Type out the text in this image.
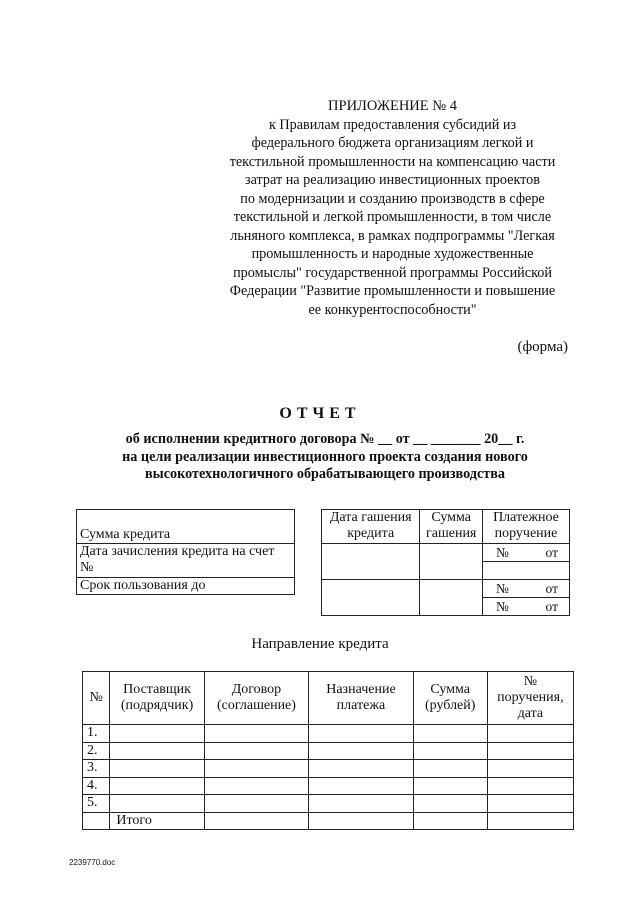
ПРИЛОЖЕНИЕ № 4
к Правилам предоставления субсидий из
федерального бюджета организациям легкой и
текстильной промышленности на компенсацию части
затрат на реализацию инвестиционных проектов
по модернизации и созданию производств в сфере
текстильной и легкой промышленности, в том числе
льняного комплекса, в рамках подпрограммы "Легкая
промышленность и народные художественные
промыслы" государственной программы Российской
Федерации "Развитие промышленности и повышение
ее конкурентоспособности"
(форма)
ОТЧЕТ
об исполнении кредитного договора № __ от __ _______ 20__ г.
на цели реализации инвестиционного проекта создания нового
высокотехнологичного обрабатывающего производства
Сумма кредита
Дата зачисления кредита на счет №
Срок пользования до
Дата гашения кредита	Сумма гашения	Платежное поручение

		№ от

		№ от

		№ от
Направление кредита
№	Поставщик (подрядчик)	Договор (соглашение)	Назначение платежа	Сумма (рублей)	№ поручения, дата
1.					
2.					
3.					
4.					
5.					
	Итого				
2239770.doc
